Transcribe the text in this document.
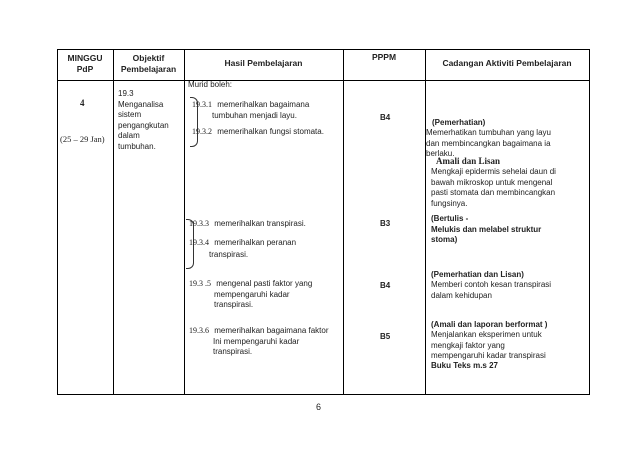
MINGGU
PdP
Objektif
Pembelajaran
Hasil Pembelajaran
PPPM
Cadangan Aktiviti Pembelajaran
4
(25 – 29 Jan)
19.3
Menganalisa
sistem
pengangkutan
dalam
tumbuhan.
Murid boleh:
19.3.1 memerihalkan bagaimana
tumbuhan menjadi layu.
19.3.2 memerihalkan fungsi stomata.
19.3.3 memerihalkan transpirasi.
19.3.4 memerihalkan peranan
transpirasi.
19.3 .5 mengenal pasti faktor yang
mempengaruhi kadar
transpirasi.
19.3.6 memerihalkan bagaimana faktor
Ini mempengaruhi kadar
transpirasi.
B4
B3
B4
B5
(Pemerhatian)
Memerhatikan tumbuhan yang layu
dan membincangkan bagaimana ia
berlaku.
Amali dan Lisan
Mengkaji epidermis sehelai daun di
bawah mikroskop untuk mengenal
pasti stomata dan membincangkan
fungsinya.
(Bertulis -
Melukis dan melabel struktur
stoma)
(Pemerhatian dan Lisan)
Memberi contoh kesan transpirasi
dalam kehidupan
(Amali dan laporan berformat )
Menjalankan eksperimen untuk
mengkaji faktor yang
mempengaruhi kadar transpirasi
Buku Teks m.s 27
6
